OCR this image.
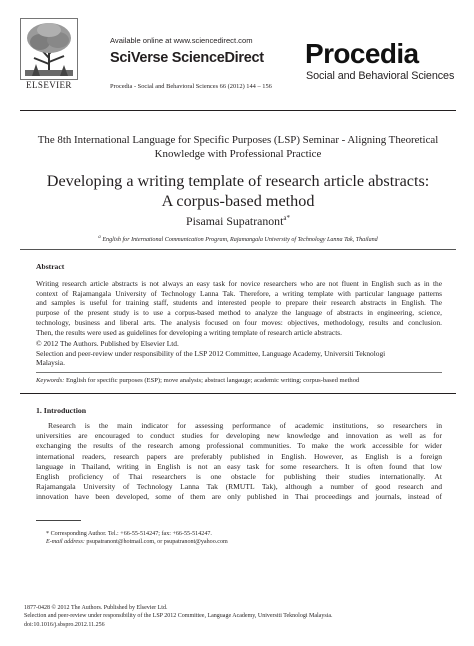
ELSEVIER
Available online at www.sciencedirect.com
SciVerse ScienceDirect
Procedia - Social and Behavioral Sciences 66 (2012) 144 – 156
Procedia
Social and Behavioral Sciences
The 8th International Language for Specific Purposes (LSP) Seminar - Aligning Theoretical
Knowledge with Professional Practice
Developing a writing template of research article abstracts:
A corpus-based method
Pisamai Supatranont$^{a*}$
$^a$ English for International Communication Program, Rajamangala University of Technology Lanna Tak, Thailand
Abstract
Writing research article abstracts is not always an easy task for novice researchers who are not fluent in English such as in the
context of Rajamangala University of Technology Lanna Tak. Therefore, a writing template with particular language patterns
and samples is useful for training staff, students and interested people to prepare their research abstracts in English. The
purpose of the present study is to use a corpus-based method to analyze the language of abstracts in engineering, science,
technology, business and liberal arts. The analysis focused on four moves: objectives, methodology, results and conclusion.
Then, the results were used as guidelines for developing a writing template of research article abstracts.
© 2012 The Authors. Published by Elsevier Ltd.
Selection and peer-review under responsibility of the LSP 2012 Committee, Language Academy, Universiti Teknologi
Malaysia.
Keywords: English for specific purposes (ESP); move analysis; abstract langauge; academic writing; corpus-based method
1. Introduction
Research is the main indicator for assessing performance of academic institutions, so researchers in
universities are encouraged to conduct studies for developing new knowledge and innovation as well as for
exchanging the results of the research among professional communities. To make the work accessible for wider
international readers, research papers are preferably published in English. However, as English is a foreign
language in Thailand, writing in English is not an easy task for some researchers. It is often found that low
English proficiency of Thai researchers is one obstacle for publishing their studies internationally. At
Rajamangala University of Technology Lanna Tak (RMUTL Tak), although a number of good research and
innovation have been developed, some of them are only published in Thai proceedings and journals, instead of
* Corresponding Author. Tel.: +66-55-514247; fax: +66-55-514247.
E-mail address: psupatranont@hotmail.com, or psupatranont@yahoo.com
1877-0428 © 2012 The Authors. Published by Elsevier Ltd.
Selection and peer-review under responsibility of the LSP 2012 Committee, Language Academy, Universiti Teknologi Malaysia.
doi:10.1016/j.sbspro.2012.11.256
